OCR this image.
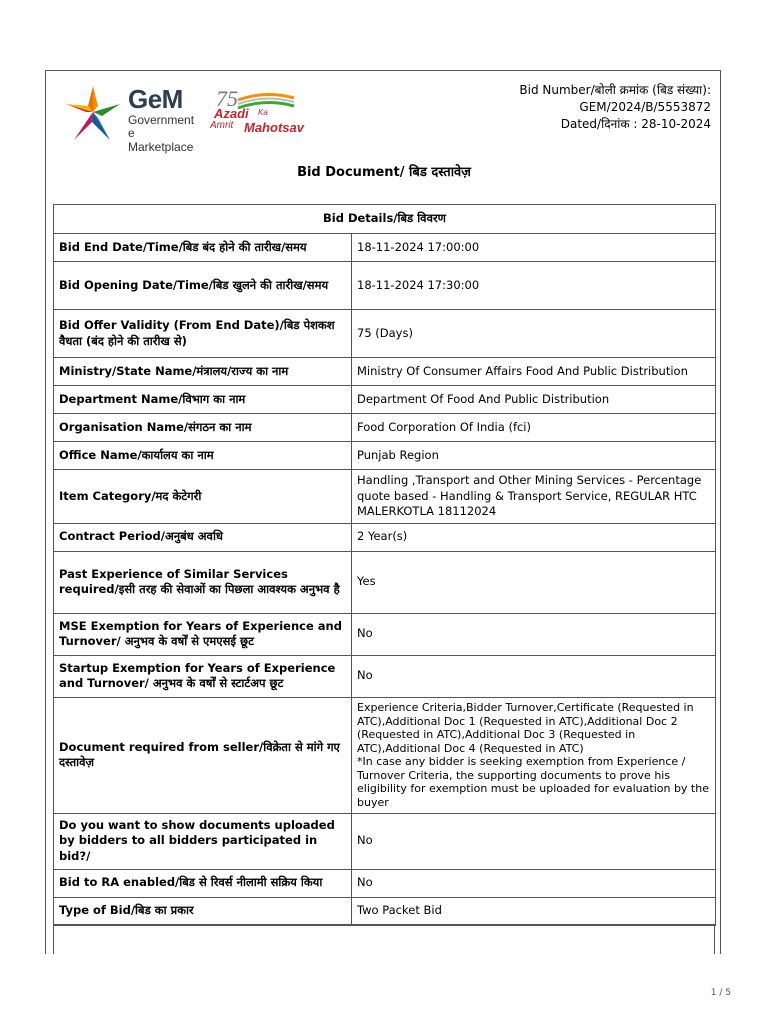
GeM
Government
e Marketplace
75
Azadi Ka
Amrit Mahotsav
Bid Number/बोली क्रमांक (बिड संख्या):
GEM/2024/B/5553872
Dated/दिनांक : 28-10-2024
Bid Document/ बिड दस्तावेज़
Bid Details/बिड विवरण	
Bid End Date/Time/बिड बंद होने की तारीख/समय	18-11-2024 17:00:00
Bid Opening Date/Time/बिड खुलने की तारीख/समय	18-11-2024 17:30:00
Bid Offer Validity (From End Date)/बिड पेशकश वैधता (बंद होने की तारीख से)	75 (Days)
Ministry/State Name/मंत्रालय/राज्य का नाम	Ministry Of Consumer Affairs Food And Public Distribution
Department Name/विभाग का नाम	Department Of Food And Public Distribution
Organisation Name/संगठन का नाम	Food Corporation Of India (fci)
Office Name/कार्यालय का नाम	Punjab Region
Item Category/मद केटेगरी	Handling ,Transport and Other Mining Services - Percentage quote based - Handling & Transport Service, REGULAR HTC MALERKOTLA 18112024
Contract Period/अनुबंध अवधि	2 Year(s)
Past Experience of Similar Services required/इसी तरह की सेवाओं का पिछला आवश्यक अनुभव है	Yes
MSE Exemption for Years of Experience and Turnover/ अनुभव के वर्षों से एमएसई छूट	No
Startup Exemption for Years of Experience and Turnover/ अनुभव के वर्षों से स्टार्टअप छूट	No
Document required from seller/विक्रेता से मांगे गए दस्तावेज़	Experience Criteria,Bidder Turnover,Certificate (Requested in ATC),Additional Doc 1 (Requested in ATC),Additional Doc 2 (Requested in ATC),Additional Doc 3 (Requested in ATC),Additional Doc 4 (Requested in ATC)
*In case any bidder is seeking exemption from Experience / Turnover Criteria, the supporting documents to prove his eligibility for exemption must be uploaded for evaluation by the buyer
Do you want to show documents uploaded by bidders to all bidders participated in bid?/	No
Bid to RA enabled/बिड से रिवर्स नीलामी सक्रिय किया	No
Type of Bid/बिड का प्रकार	Two Packet Bid
1 / 5
